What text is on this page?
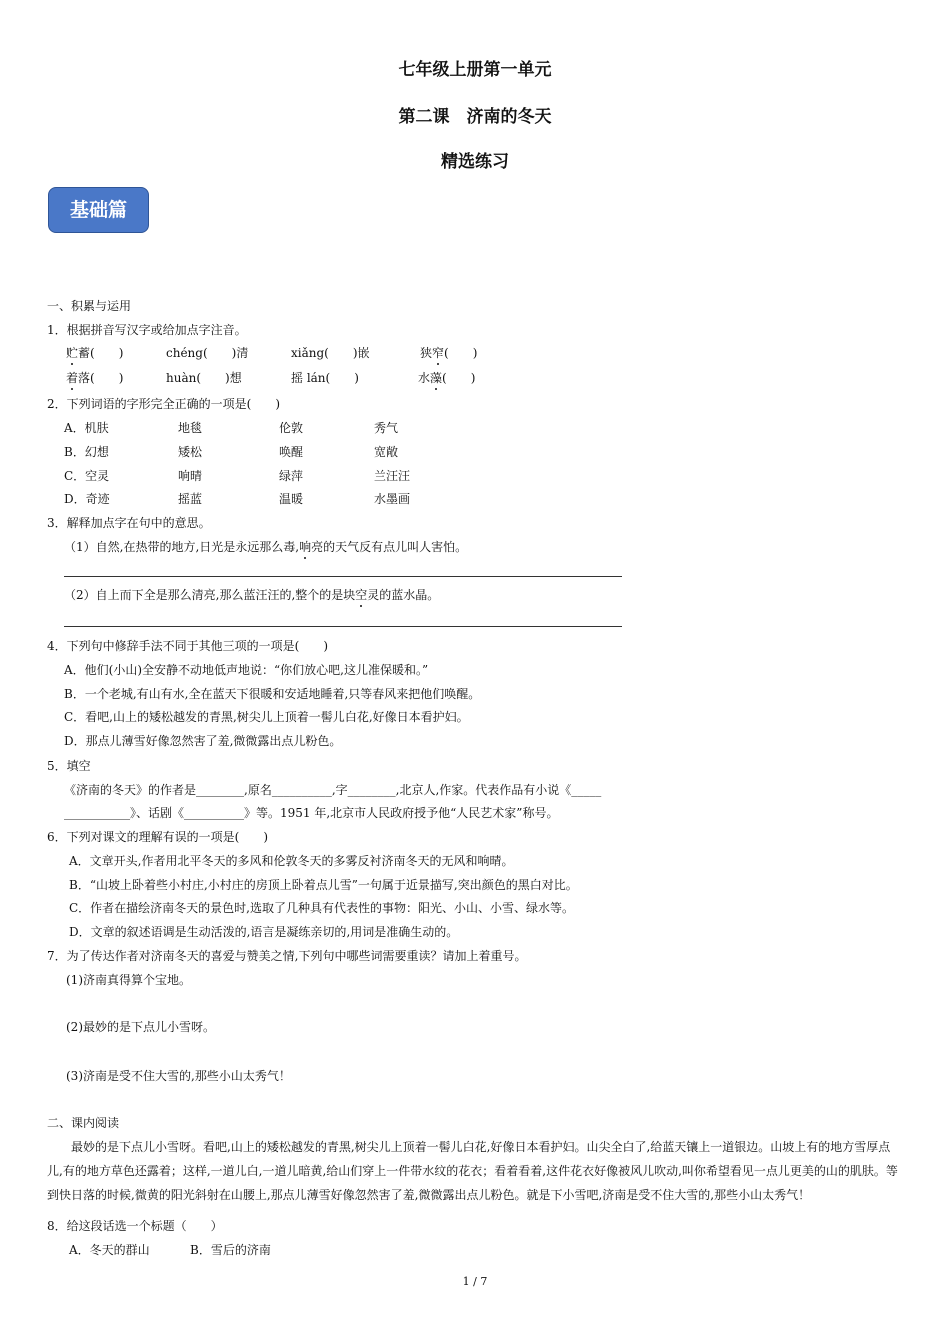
七年级上册第一单元
第二课　济南的冬天
精选练习
基础篇
一、积累与运用
1．根据拼音写汉字或给加点字注音。
贮蓄(　　)	chéng(　　)清	xiǎng(　　)嵌	狭窄(　　)
着落(　　)	huàn(　　)想	摇 lán(　　)	水藻(　　)
2．下列词语的字形完全正确的一项是(　　)
A．机肤	地毯	伦敦	秀气
B．幻想	矮松	唤醒	宽敞
C．空灵	响晴	绿萍	兰汪汪
D．奇迹	摇蓝	温暖	水墨画
3．解释加点字在句中的意思。
（1）自然,在热带的地方,日光是永远那么毒,响亮的天气反有点儿叫人害怕。
（2）自上而下全是那么清亮,那么蓝汪汪的,整个的是块空灵的蓝水晶。
4．下列句中修辞手法不同于其他三项的一项是(　　)
A．他们(小山)全安静不动地低声地说：“你们放心吧,这儿准保暖和。”
B．一个老城,有山有水,全在蓝天下很暖和安适地睡着,只等春风来把他们唤醒。
C．看吧,山上的矮松越发的青黑,树尖儿上顶着一髻儿白花,好像日本看护妇。
D．那点儿薄雪好像忽然害了羞,微微露出点儿粉色。
5．填空
《济南的冬天》的作者是________,原名__________,字________,北京人,作家。代表作品有小说《_____
___________》、话剧《__________》等。1951 年,北京市人民政府授予他“人民艺术家”称号。
6．下列对课文的理解有误的一项是(　　)
A．文章开头,作者用北平冬天的多风和伦敦冬天的多雾反衬济南冬天的无风和响晴。
B．“山坡上卧着些小村庄,小村庄的房顶上卧着点儿雪”一句属于近景描写,突出颜色的黑白对比。
C．作者在描绘济南冬天的景色时,选取了几种具有代表性的事物：阳光、小山、小雪、绿水等。
D．文章的叙述语调是生动活泼的,语言是凝练亲切的,用词是准确生动的。
7．为了传达作者对济南冬天的喜爱与赞美之情,下列句中哪些词需要重读？请加上着重号。
(1)济南真得算个宝地。
(2)最妙的是下点儿小雪呀。
(3)济南是受不住大雪的,那些小山太秀气！
二、课内阅读
最妙的是下点儿小雪呀。看吧,山上的矮松越发的青黑,树尖儿上顶着一髻儿白花,好像日本看护妇。山尖全白了,给蓝天镶上一道银边。山坡上有的地方雪厚点儿,有的地方草色还露着；这样,一道儿白,一道儿暗黄,给山们穿上一件带水纹的花衣；看着看着,这件花衣好像被风儿吹动,叫你希望看见一点儿更美的山的肌肤。等到快日落的时候,微黄的阳光斜射在山腰上,那点儿薄雪好像忽然害了羞,微微露出点儿粉色。就是下小雪吧,济南是受不住大雪的,那些小山太秀气！
8．给这段话选一个标题（　　）
A．冬天的群山	B．雪后的济南
1 / 7
